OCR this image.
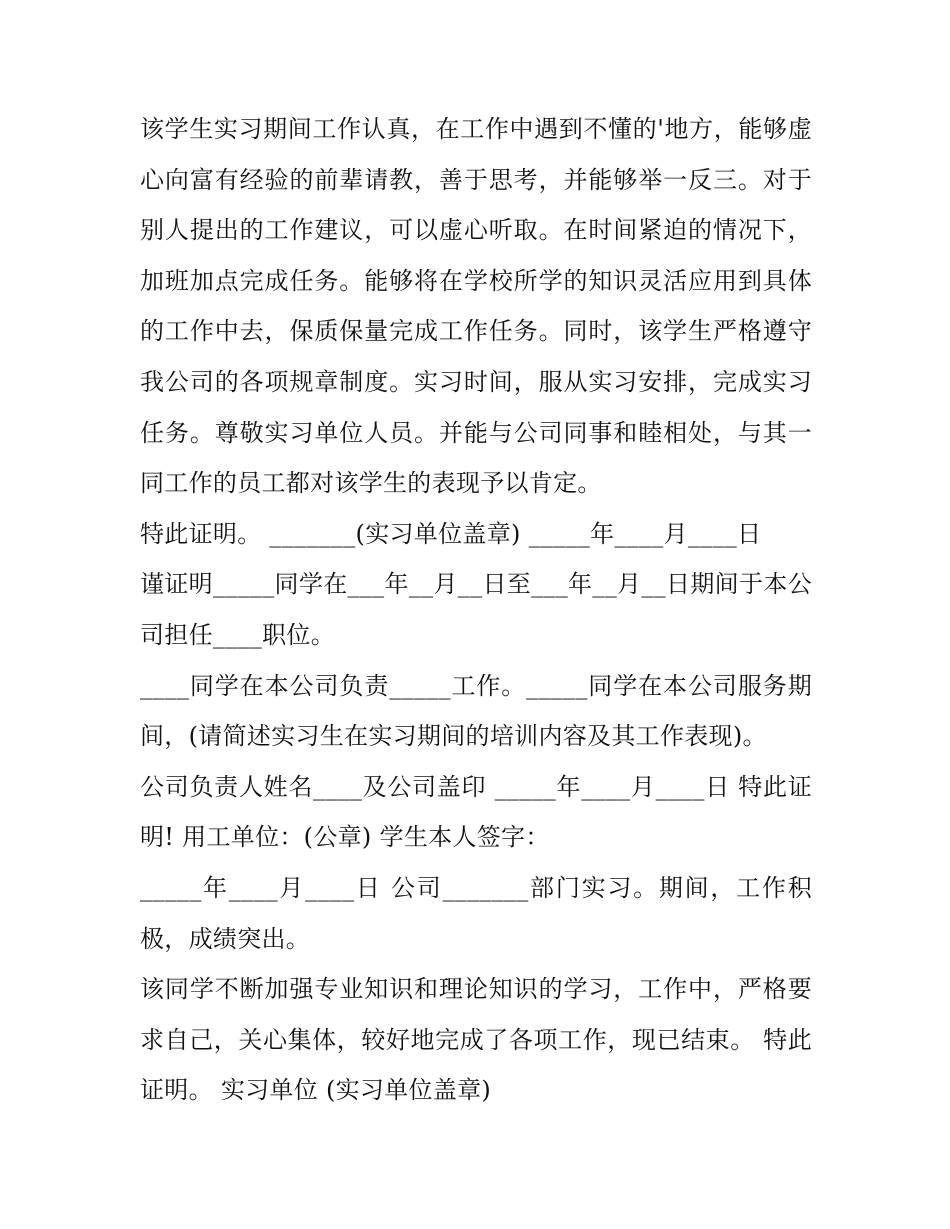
该学生实习期间工作认真，在工作中遇到不懂的'地方，能够虚心向富有经验的前辈请教，善于思考，并能够举一反三。对于别人提出的工作建议，可以虚心听取。在时间紧迫的情况下，加班加点完成任务。能够将在学校所学的知识灵活应用到具体的工作中去，保质保量完成工作任务。同时，该学生严格遵守我公司的各项规章制度。实习时间，服从实习安排，完成实习任务。尊敬实习单位人员。并能与公司同事和睦相处，与其一同工作的员工都对该学生的表现予以肯定。

特此证明。 _______(实习单位盖章) _____年____月____日

谨证明_____同学在___年__月__日至___年__月__日期间于本公司担任____职位。

____同学在本公司负责_____工作。_____同学在本公司服务期间，(请简述实习生在实习期间的培训内容及其工作表现)。

公司负责人姓名____及公司盖印 _____年____月____日 特此证明! 用工单位：(公章) 学生本人签字：

_____年____月____日 公司_______部门实习。期间，工作积极，成绩突出。

该同学不断加强专业知识和理论知识的学习，工作中，严格要求自己，关心集体，较好地完成了各项工作，现已结束。 特此证明。 实习单位 (实习单位盖章)
